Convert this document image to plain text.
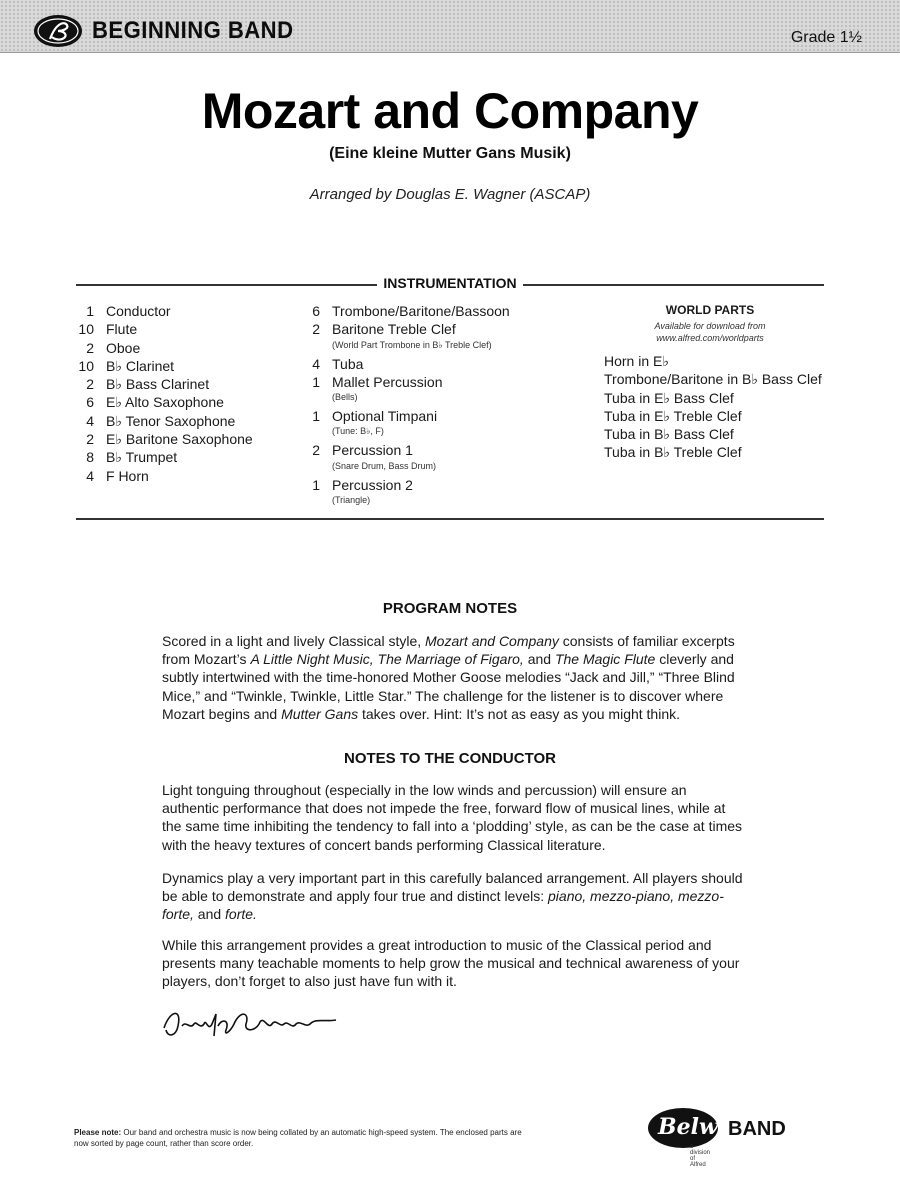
BEGINNING BAND	Grade 1½
Mozart and Company
(Eine kleine Mutter Gans Musik)
Arranged by Douglas E. Wagner (ASCAP)
INSTRUMENTATION
1 Conductor
10 Flute
2 Oboe
10 B♭ Clarinet
2 B♭ Bass Clarinet
6 E♭ Alto Saxophone
4 B♭ Tenor Saxophone
2 E♭ Baritone Saxophone
8 B♭ Trumpet
4 F Horn
6 Trombone/Baritone/Bassoon
2 Baritone Treble Clef
(World Part Trombone in B♭ Treble Clef)
4 Tuba
1 Mallet Percussion
(Bells)
1 Optional Timpani
(Tune: B♭, F)
2 Percussion 1
(Snare Drum, Bass Drum)
1 Percussion 2
(Triangle)
WORLD PARTS
Available for download from
www.alfred.com/worldparts
Horn in E♭
Trombone/Baritone in B♭ Bass Clef
Tuba in E♭ Bass Clef
Tuba in E♭ Treble Clef
Tuba in B♭ Bass Clef
Tuba in B♭ Treble Clef
PROGRAM NOTES
Scored in a light and lively Classical style, Mozart and Company consists of familiar excerpts from Mozart’s A Little Night Music, The Marriage of Figaro, and The Magic Flute cleverly and subtly intertwined with the time-honored Mother Goose melodies “Jack and Jill,” “Three Blind Mice,” and “Twinkle, Twinkle, Little Star.” The challenge for the listener is to discover where Mozart begins and Mutter Gans takes over. Hint: It’s not as easy as you might think.
NOTES TO THE CONDUCTOR
Light tonguing throughout (especially in the low winds and percussion) will ensure an authentic performance that does not impede the free, forward flow of musical lines, while at the same time inhibiting the tendency to fall into a ‘plodding’ style, as can be the case at times with the heavy textures of concert bands performing Classical literature.
Dynamics play a very important part in this carefully balanced arrangement. All players should be able to demonstrate and apply four true and distinct levels: piano, mezzo-piano, mezzo-forte, and forte.
While this arrangement provides a great introduction to music of the Classical period and presents many teachable moments to help grow the musical and technical awareness of your players, don’t forget to also just have fun with it.
Please note: Our band and orchestra music is now being collated by an automatic high-speed system. The enclosed parts are now sorted by page count, rather than score order.
Belwin
BAND
a division of Alfred
